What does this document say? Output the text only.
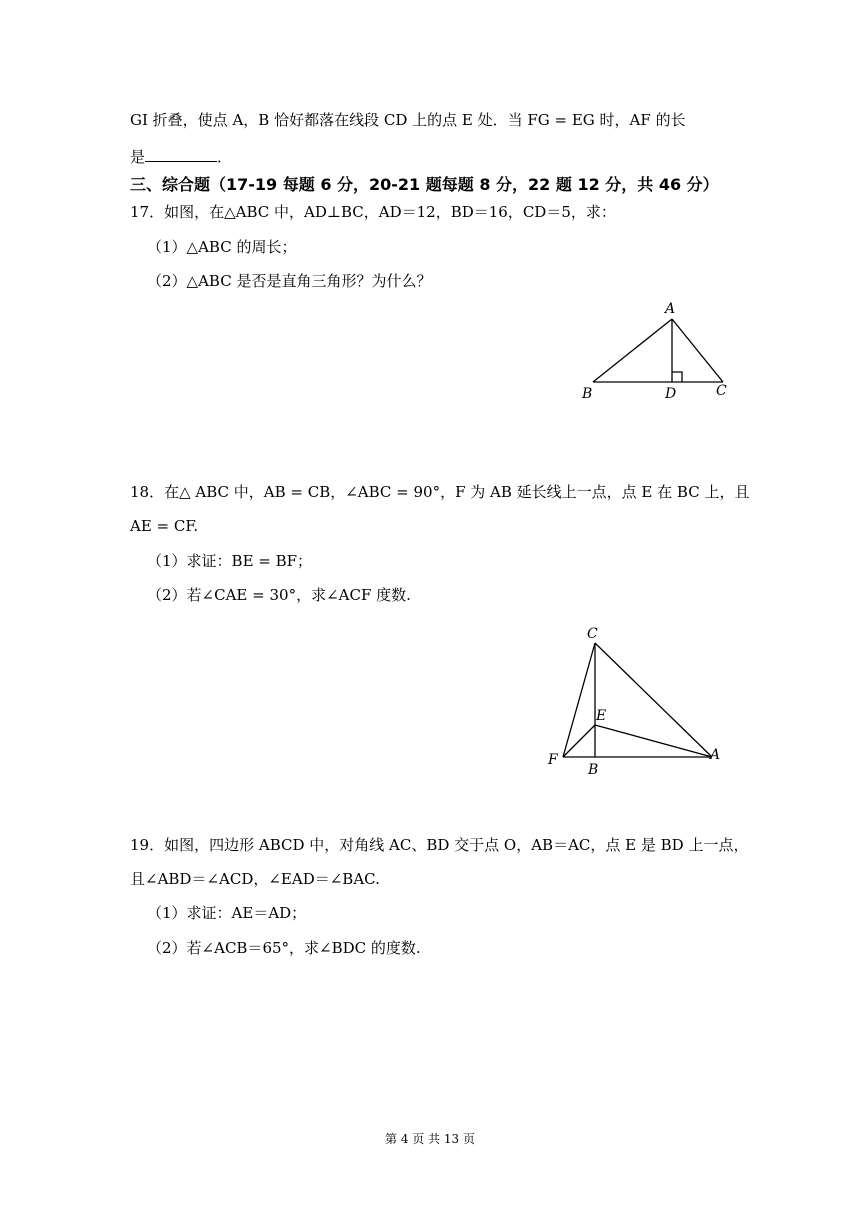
GI 折叠，使点 A，B 恰好都落在线段 CD 上的点 E 处．当 FG = EG 时，AF 的长
是	．
三、综合题（17-19 每题 6 分，20-21 题每题 8 分，22 题 12 分，共 46 分）
17．如图，在△ABC 中，AD⊥BC，AD＝12，BD＝16，CD＝5，求：
（1）△ABC 的周长；
（2）△ABC 是否是直角三角形？为什么？
A
B	D	C
18．在△ ABC 中，AB = CB，∠ABC = 90°，F 为 AB 延长线上一点，点 E 在 BC 上，且
AE = CF.
（1）求证：BE = BF；
（2）若∠CAE = 30°，求∠ACF 度数.
C
E
F
B
A
19．如图，四边形 ABCD 中，对角线 AC、BD 交于点 O，AB＝AC，点 E 是 BD 上一点，
且∠ABD＝∠ACD，∠EAD＝∠BAC.
（1）求证：AE＝AD；
（2）若∠ACB＝65°，求∠BDC 的度数.
第 4 页 共 13 页
